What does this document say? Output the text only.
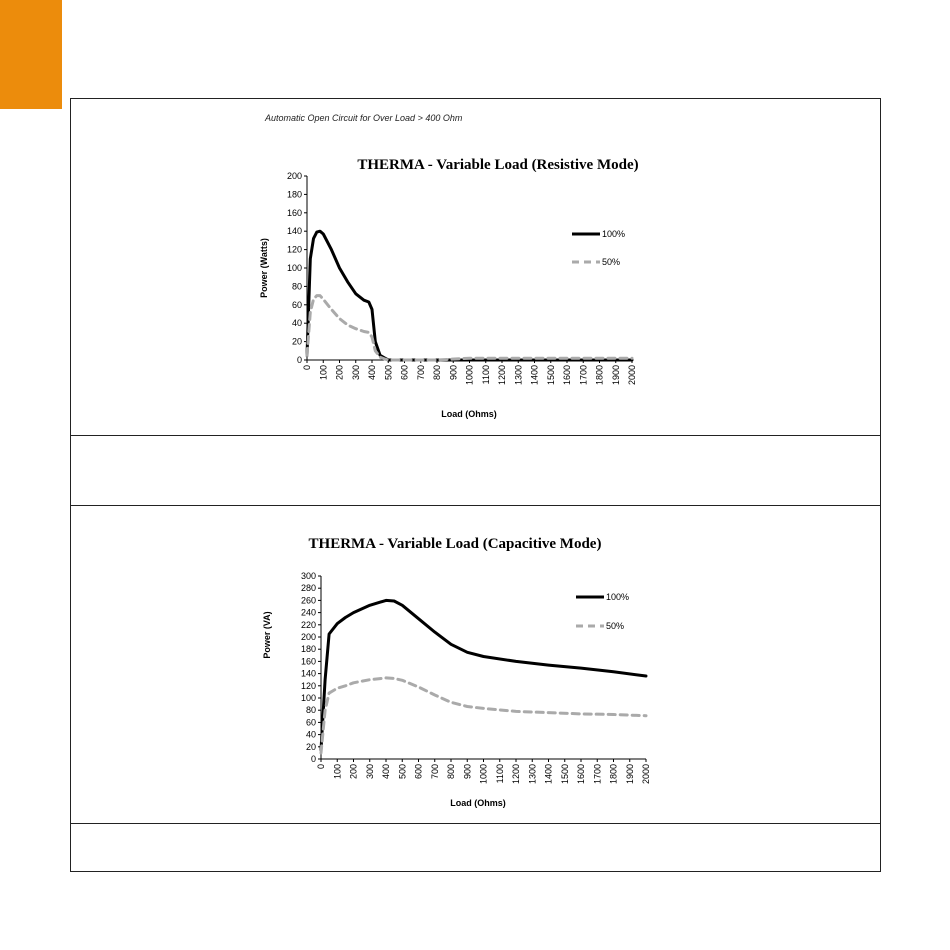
Automatic Open Circuit for Over Load > 400 Ohm
THERMA - Variable Load (Resistive Mode)
0
20
40
60
80
100
120
140
160
180
200
0 100 200 300 400 500 600 700 800 900 1000 1100 1200 1300 1400 1500 1600 1700 1800 1900 2000
Power (Watts)
Load (Ohms)
100%
50%
THERMA - Variable Load (Capacitive Mode)
0
20
40
60
80
100
120
140
160
180
200
220
240
260
280
300
0 100 200 300 400 500 600 700 800 900 1000 1100 1200 1300 1400 1500 1600 1700 1800 1900 2000
Power (VA)
Load (Ohms)
100%
50%
